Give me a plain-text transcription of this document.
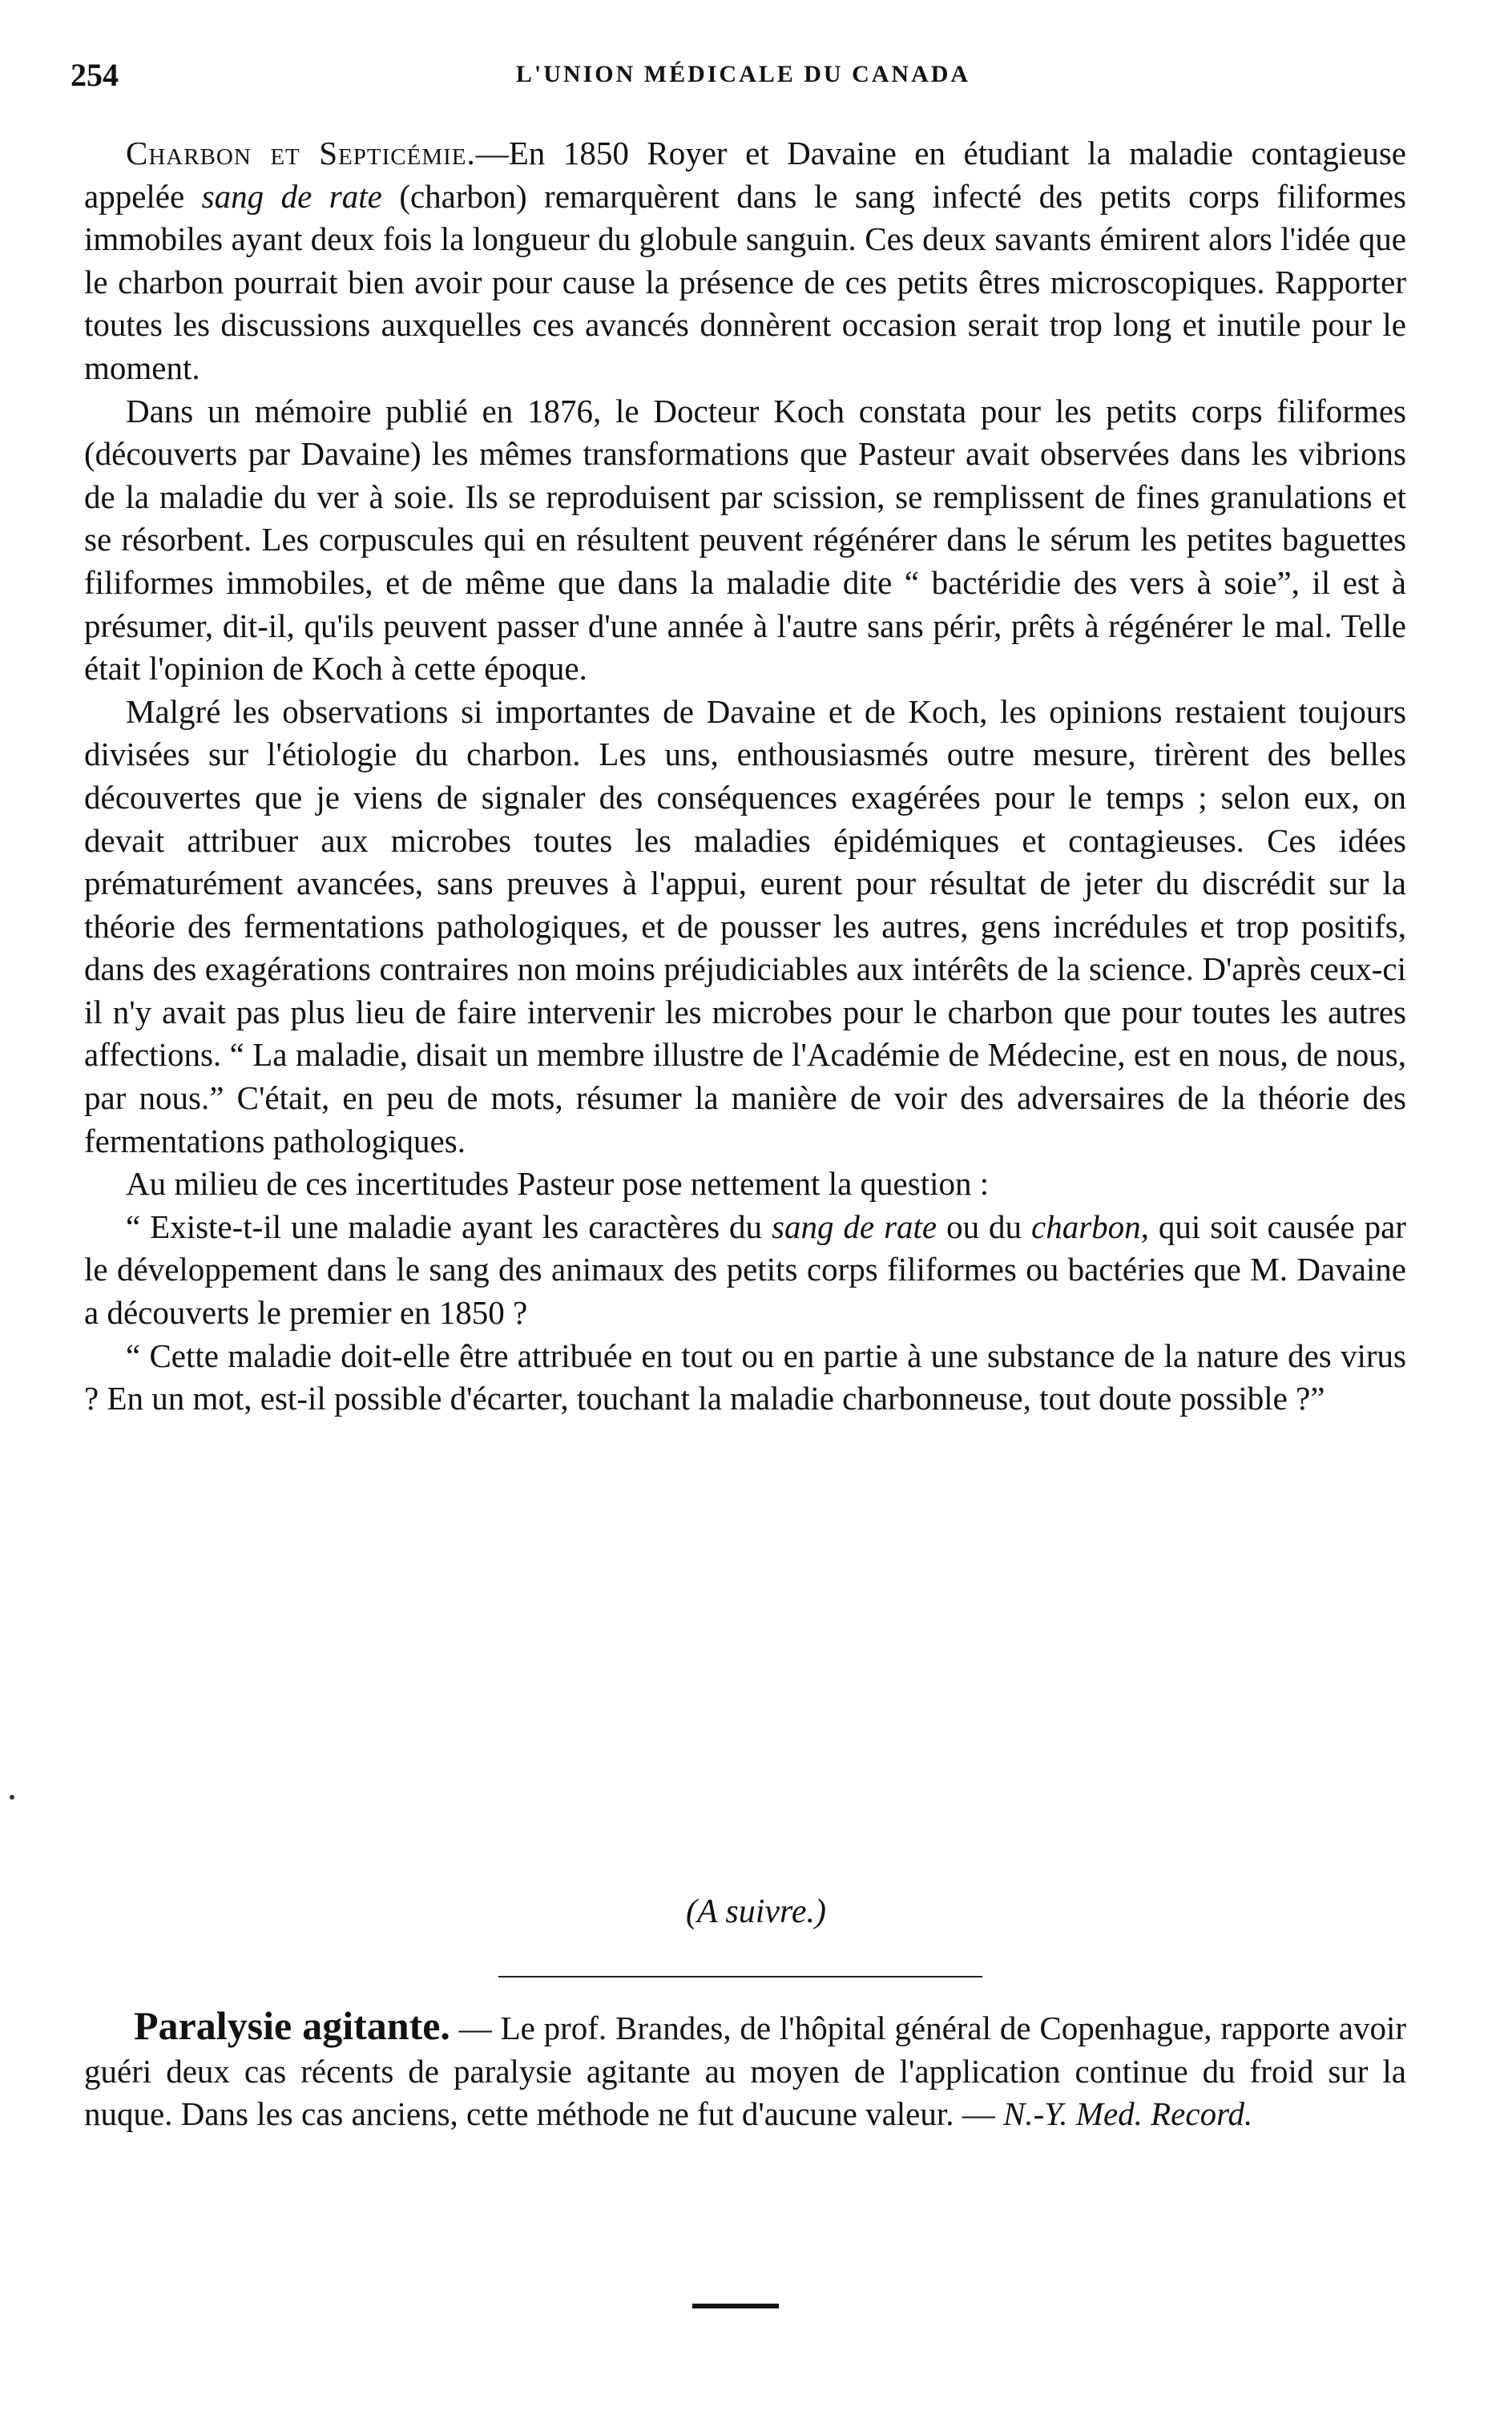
254	L'UNION MÉDICALE DU CANADA

Charbon et Septicémie.—En 1850 Royer et Davaine en étudiant la maladie contagieuse appelée sang de rate (charbon) remarquèrent dans le sang infecté des petits corps filiformes immobiles ayant deux fois la longueur du globule sanguin. Ces deux savants émirent alors l'idée que le charbon pourrait bien avoir pour cause la présence de ces petits êtres microscopiques. Rapporter toutes les discussions auxquelles ces avancés donnèrent occasion serait trop long et inutile pour le moment.

Dans un mémoire publié en 1876, le Docteur Koch constata pour les petits corps filiformes (découverts par Davaine) les mêmes transformations que Pasteur avait observées dans les vibrions de la maladie du ver à soie. Ils se reproduisent par scission, se remplissent de fines granulations et se résorbent. Les corpuscules qui en résultent peuvent régénérer dans le sérum les petites baguettes filiformes immobiles, et de même que dans la maladie dite “ bactéridie des vers à soie”, il est à présumer, dit-il, qu'ils peuvent passer d'une année à l'autre sans périr, prêts à régénérer le mal. Telle était l'opinion de Koch à cette époque.

Malgré les observations si importantes de Davaine et de Koch, les opinions restaient toujours divisées sur l'étiologie du charbon. Les uns, enthousiasmés outre mesure, tirèrent des belles découvertes que je viens de signaler des conséquences exagérées pour le temps ; selon eux, on devait attribuer aux microbes toutes les maladies épidémiques et contagieuses. Ces idées prématurément avancées, sans preuves à l'appui, eurent pour résultat de jeter du discrédit sur la théorie des fermentations pathologiques, et de pousser les autres, gens incrédules et trop positifs, dans des exagérations contraires non moins préjudiciables aux intérêts de la science. D'après ceux-ci il n'y avait pas plus lieu de faire intervenir les microbes pour le charbon que pour toutes les autres affections. “ La maladie, disait un membre illustre de l'Académie de Médecine, est en nous, de nous, par nous.” C'était, en peu de mots, résumer la manière de voir des adversaires de la théorie des fermentations pathologiques.

Au milieu de ces incertitudes Pasteur pose nettement la question :

“ Existe-t-il une maladie ayant les caractères du sang de rate ou du charbon, qui soit causée par le développement dans le sang des animaux des petits corps filiformes ou bactéries que M. Davaine a découverts le premier en 1850 ?

“ Cette maladie doit-elle être attribuée en tout ou en partie à une substance de la nature des virus ? En un mot, est-il possible d'écarter, touchant la maladie charbonneuse, tout doute possible ?”

(A suivre.)
Paralysie agitante. — Le prof. Brandes, de l'hôpital général de Copenhague, rapporte avoir guéri deux cas récents de paralysie agitante au moyen de l'application continue du froid sur la nuque. Dans les cas anciens, cette méthode ne fut d'aucune valeur. — N.-Y. Med. Record.
